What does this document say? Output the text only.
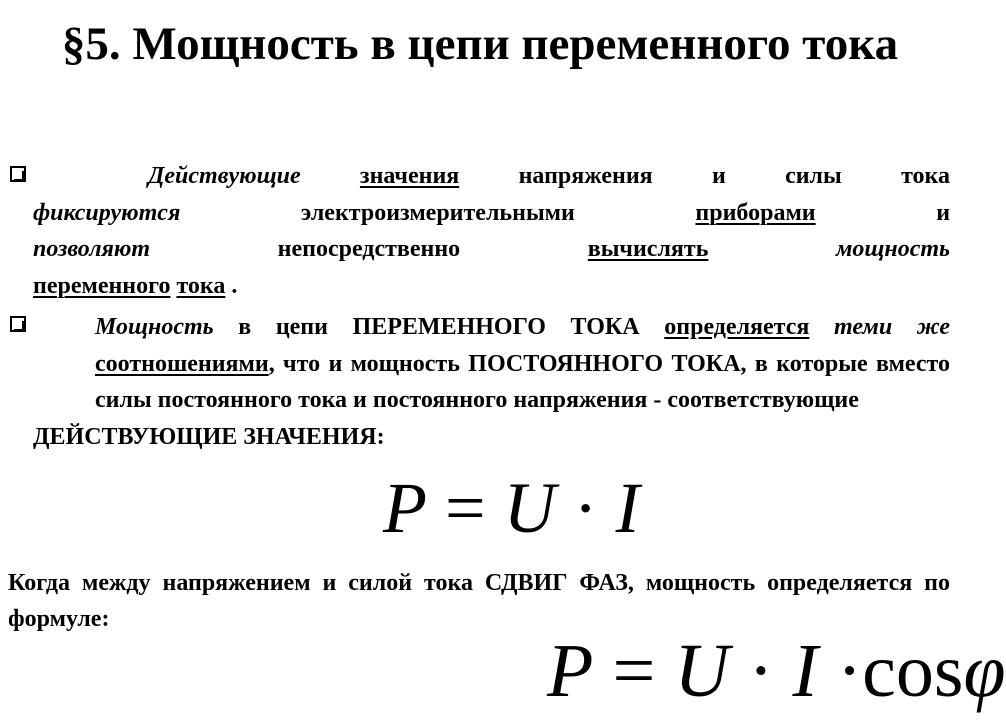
§5. Мощность в цепи переменного тока

Действующие значения напряжения и силы тока

фиксируются	электроизмерительными	приборами	и

позволяют	непосредственно	вычислять	мощность

переменного тока .

Мощность в цепи ПЕРЕМЕННОГО ТОКА определяется теми же соотношениями, что и мощность ПОСТОЯННОГО ТОКА, в которые вместо силы постоянного тока и постоянного напряжения - соответствующие

ДЕЙСТВУЮЩИЕ ЗНАЧЕНИЯ:

P = U · I
Когда между напряжением и силой тока СДВИГ ФАЗ, мощность определяется по формуле:
P = U · I ·cosφ
